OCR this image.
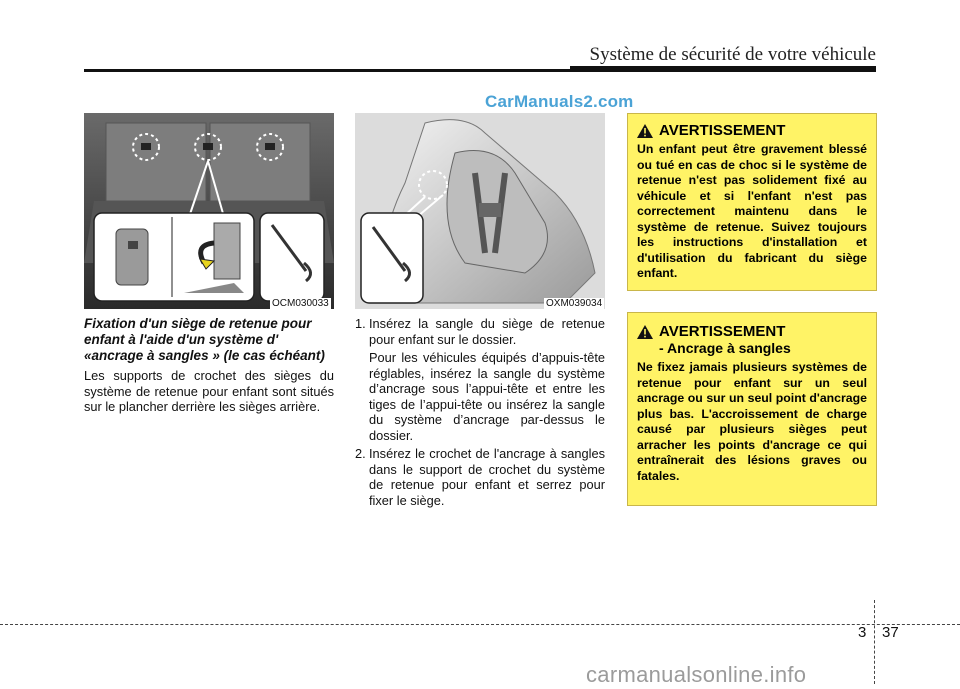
Système de sécurité de votre véhicule
CarManuals2.com
OCM030033	OXM039034
Fixation d'un siège de retenue pour
enfant à l'aide d'un système d'
«ancrage à sangles » (le cas échéant)
Les supports de crochet des sièges du système de retenue pour enfant sont situés sur le plancher derrière les sièges arrière.
1. Insérez la sangle du siège de retenue pour enfant sur le dossier.
Pour les véhicules équipés d’appuis-tête réglables, insérez la sangle du système d’ancrage sous l’appui-tête et entre les tiges de l’appui-tête ou insérez la sangle du système d’ancrage par-dessus le dossier.
2. Insérez le crochet de l'ancrage à sangles dans le support de crochet du système de retenue pour enfant et serrez pour fixer le siège.
AVERTISSEMENT
Un enfant peut être gravement blessé ou tué en cas de choc si le système de retenue n'est pas solidement fixé au véhicule et si l'enfant n'est pas correctement maintenu dans le système de retenue. Suivez toujours les instructions d'installation et d'utilisation du fabricant du siège enfant.
AVERTISSEMENT
- Ancrage à sangles
Ne fixez jamais plusieurs systèmes de retenue pour enfant sur un seul ancrage ou sur un seul point d'ancrage plus bas. L'accroissement de charge causé par plusieurs sièges peut arracher les points d'ancrage ce qui entraînerait des lésions graves ou fatales.
3 37
carmanualsonline.info
